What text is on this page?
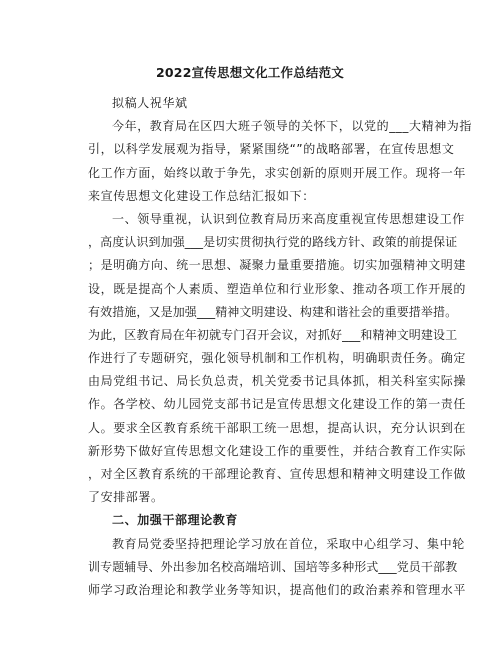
2022宣传思想文化工作总结范文
拟稿人祝华斌
今年，教育局在区四大班子领导的关怀下，以党的___大精神为指
引，以科学发展观为指导，紧紧围绕“”的战略部署，在宣传思想文
化工作方面，始终以敢于争先，求实创新的原则开展工作。现将一年
来宣传思想文化建设工作总结汇报如下：
一、领导重视，认识到位教育局历来高度重视宣传思想建设工作
，高度认识到加强___是切实贯彻执行党的路线方针、政策的前提保证
；是明确方向、统一思想、凝聚力量重要措施。切实加强精神文明建
设，既是提高个人素质、塑造单位和行业形象、推动各项工作开展的
有效措施，又是加强___精神文明建设、构建和谐社会的重要措举措。
为此，区教育局在年初就专门召开会议，对抓好___和精神文明建设工
作进行了专题研究，强化领导机制和工作机构，明确职责任务。确定
由局党组书记、局长负总责，机关党委书记具体抓，相关科室实际操
作。各学校、幼儿园党支部书记是宣传思想文化建设工作的第一责任
人。要求全区教育系统干部职工统一思想，提高认识，充分认识到在
新形势下做好宣传思想文化建设工作的重要性，并结合教育工作实际
，对全区教育系统的干部理论教育、宣传思想和精神文明建设工作做
了安排部署。
二、加强干部理论教育
教育局党委坚持把理论学习放在首位，采取中心组学习、集中轮
训专题辅导、外出参加名校高端培训、国培等多种形式___党员干部教
师学习政治理论和教学业务等知识，提高他们的政治素养和管理水平
